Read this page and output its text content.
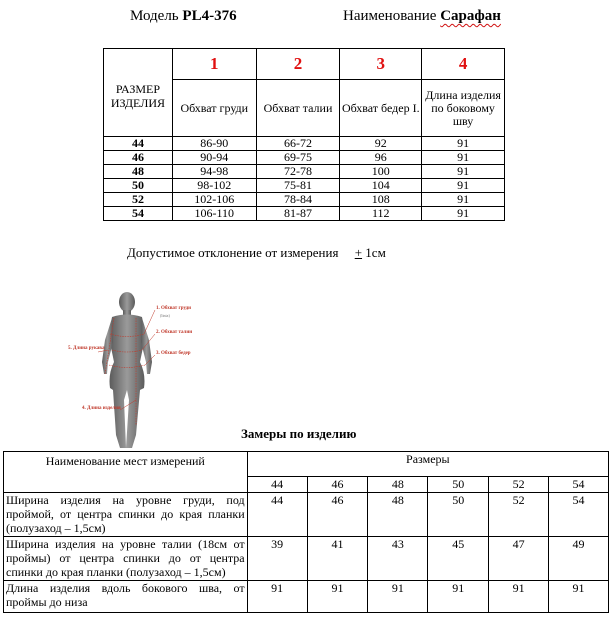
Модель PL4-376	Наименование Сарафан
РАЗМЕР ИЗДЕЛИЯ	1	2	3	4
	Обхват груди	Обхват талии	Обхват бедер I.	Длина изделия по боковому шву
44	86-90	66-72	92	91
46	90-94	69-75	96	91
48	94-98	72-78	100	91
50	98-102	75-81	104	91
52	102-106	78-84	108	91
54	106-110	81-87	112	91
Допустимое отклонение от измерения + 1см
1. Обхват груди
(linia)
2. Обхват талии
3. Обхват бедер
4. Длина изделия
5. Длина рукава
Замеры по изделию
Наименование мест измерений	Размеры					
	44	46	48	50	52	54
Ширина изделия на уровне груди, под проймой, от центра спинки до края планки (полузаход – 1,5см)	44	46	48	50	52	54
Ширина изделия на уровне талии (18см от проймы) от центра спинки до от центра спинки до края планки (полузаход – 1,5см)	39	41	43	45	47	49
Длина изделия вдоль бокового шва, от проймы до низа	91	91	91	91	91	91
